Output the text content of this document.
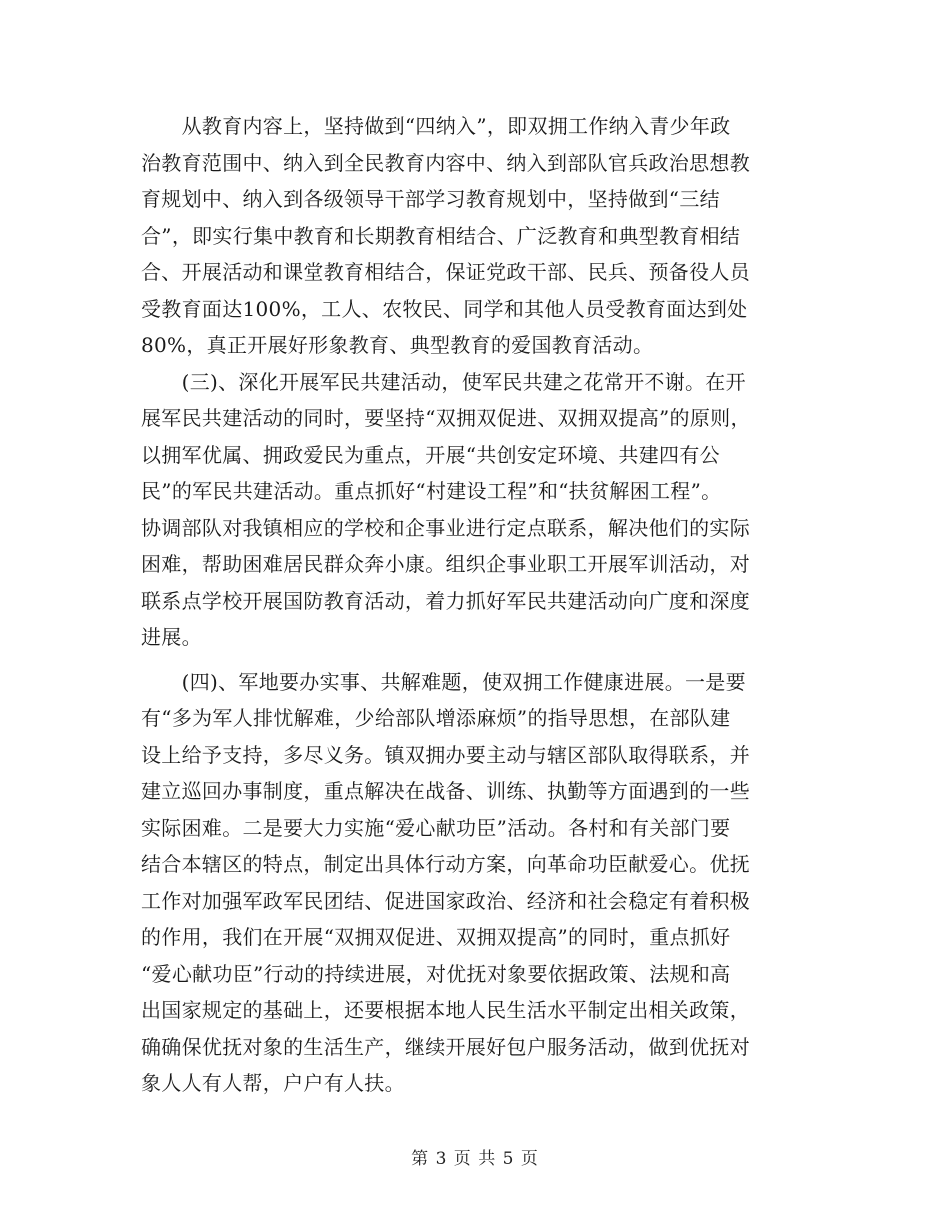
　　从教育内容上，坚持做到“四纳入”，即双拥工作纳入青少年政
治教育范围中、纳入到全民教育内容中、纳入到部队官兵政治思想教
育规划中、纳入到各级领导干部学习教育规划中，坚持做到“三结
合”，即实行集中教育和长期教育相结合、广泛教育和典型教育相结
合、开展活动和课堂教育相结合，保证党政干部、民兵、预备役人员
受教育面达100%，工人、农牧民、同学和其他人员受教育面达到处
80%，真正开展好形象教育、典型教育的爱国教育活动。
　　(三)、深化开展军民共建活动，使军民共建之花常开不谢。在开
展军民共建活动的同时，要坚持“双拥双促进、双拥双提高”的原则，
以拥军优属、拥政爱民为重点，开展“共创安定环境、共建四有公
民”的军民共建活动。重点抓好“村建设工程”和“扶贫解困工程”。
协调部队对我镇相应的学校和企事业进行定点联系，解决他们的实际
困难，帮助困难居民群众奔小康。组织企事业职工开展军训活动，对
联系点学校开展国防教育活动，着力抓好军民共建活动向广度和深度
进展。
　　(四)、军地要办实事、共解难题，使双拥工作健康进展。一是要
有“多为军人排忧解难，少给部队增添麻烦”的指导思想，在部队建
设上给予支持，多尽义务。镇双拥办要主动与辖区部队取得联系，并
建立巡回办事制度，重点解决在战备、训练、执勤等方面遇到的一些
实际困难。二是要大力实施“爱心献功臣”活动。各村和有关部门要
结合本辖区的特点，制定出具体行动方案，向革命功臣献爱心。优抚
工作对加强军政军民团结、促进国家政治、经济和社会稳定有着积极
的作用，我们在开展“双拥双促进、双拥双提高”的同时，重点抓好
“爱心献功臣”行动的持续进展，对优抚对象要依据政策、法规和高
出国家规定的基础上，还要根据本地人民生活水平制定出相关政策，
确确保优抚对象的生活生产，继续开展好包户服务活动，做到优抚对
象人人有人帮，户户有人扶。
第 3 页 共 5 页
